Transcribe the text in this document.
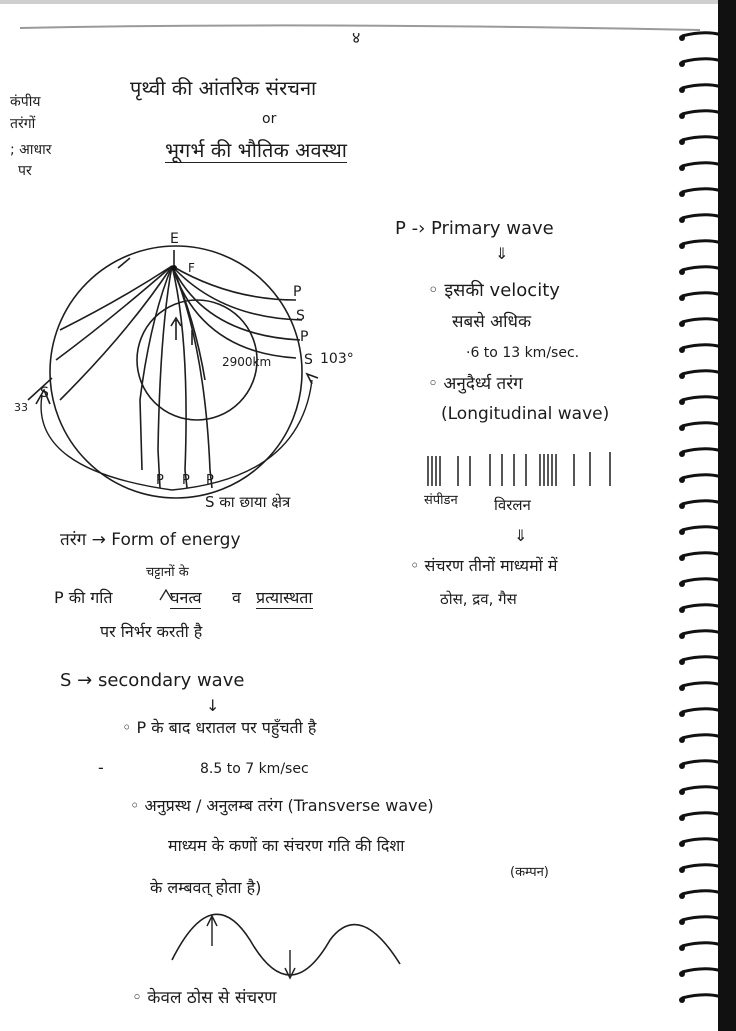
४
कंपीय
तरंगों
; आधार
पर
पृथ्वी की आंतरिक संरचना
or
भूगर्भ की भौतिक अवस्था
E
F
P
S
P
S 103°
2900km
S
33
P P P
S का छाया क्षेत्र
P -› Primary wave
⇓
◦ इसकी velocity
सबसे अधिक
·6 to 13 km/sec.
◦ अनुदैर्ध्य तरंग
(Longitudinal wave)
संपीडन विरलन
⇓
◦ संचरण तीनों माध्यमों में
ठोस, द्रव, गैस
तरंग → Form of energy
चट्टानों के
P की गति	घनत्व व प्रत्यास्थता
पर निर्भर करती है
S → secondary wave
↓
◦ P के बाद धरातल पर पहुँचती है
-	8.5 to 7 km/sec
◦ अनुप्रस्थ / अनुलम्ब तरंग (Transverse wave)
माध्यम के कणों का संचरण गति की दिशा
(कम्पन)
के लम्बवत् होता है)
◦ केवल ठोस से संचरण
